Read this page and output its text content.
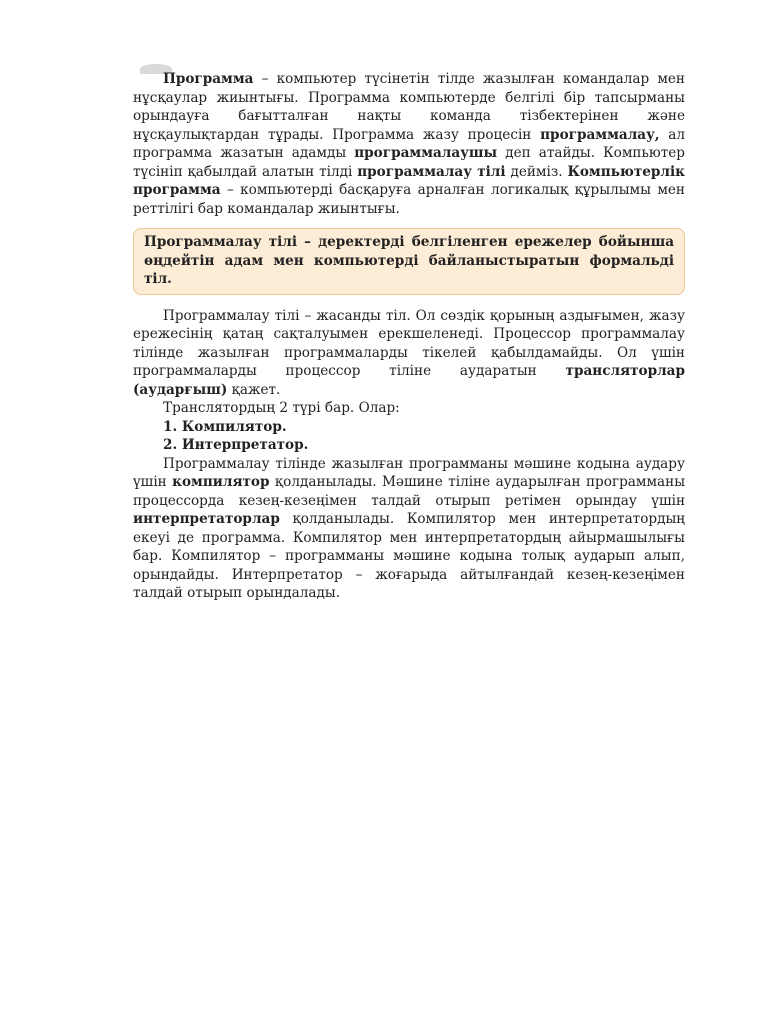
Программа – компьютер түсінетін тілде жазылған командалар мен нұсқаулар жиынтығы. Программа компьютерде белгілі бір тапсырманы орындауға бағытталған нақты команда тізбектерінен және нұсқаулықтардан тұрады. Программа жазу процесін программалау, ал программа жазатын адамды программалаушы деп атайды. Компьютер түсініп қабылдай алатын тілді программалау тілі дейміз. Компьютерлік программа – компьютерді басқаруға арналған логикалық құрылымы мен реттілігі бар командалар жиынтығы.

Программалау тілі – деректерді белгіленген ережелер бойынша өңдейтін адам мен компьютерді байланыстыратын формальді тіл.

Программалау тілі – жасанды тіл. Ол сөздік қорының аздығымен, жазу ережесінің қатаң сақталуымен ерекшеленеді. Процессор программалау тілінде жазылған программаларды тікелей қабылдамайды. Ол үшін программаларды процессор тіліне аударатын трансляторлар (аударғыш) қажет.

Транслятордың 2 түрі бар. Олар:

1. Компилятор.

2. Интерпретатор.

Программалау тілінде жазылған программаны мәшине кодына аудару үшін компилятор қолданылады. Мәшине тіліне аударылған программаны процессорда кезең-кезеңімен талдай отырып ретімен орындау үшін интерпретаторлар қолданылады. Компилятор мен интерпретатордың екеуі де программа. Компилятор мен интерпретатордың айырмашылығы бар. Компилятор – программаны мәшине кодына толық аударып алып, орындайды. Интерпретатор – жоғарыда айтылғандай кезең-кезеңімен талдай отырып орындалады.
